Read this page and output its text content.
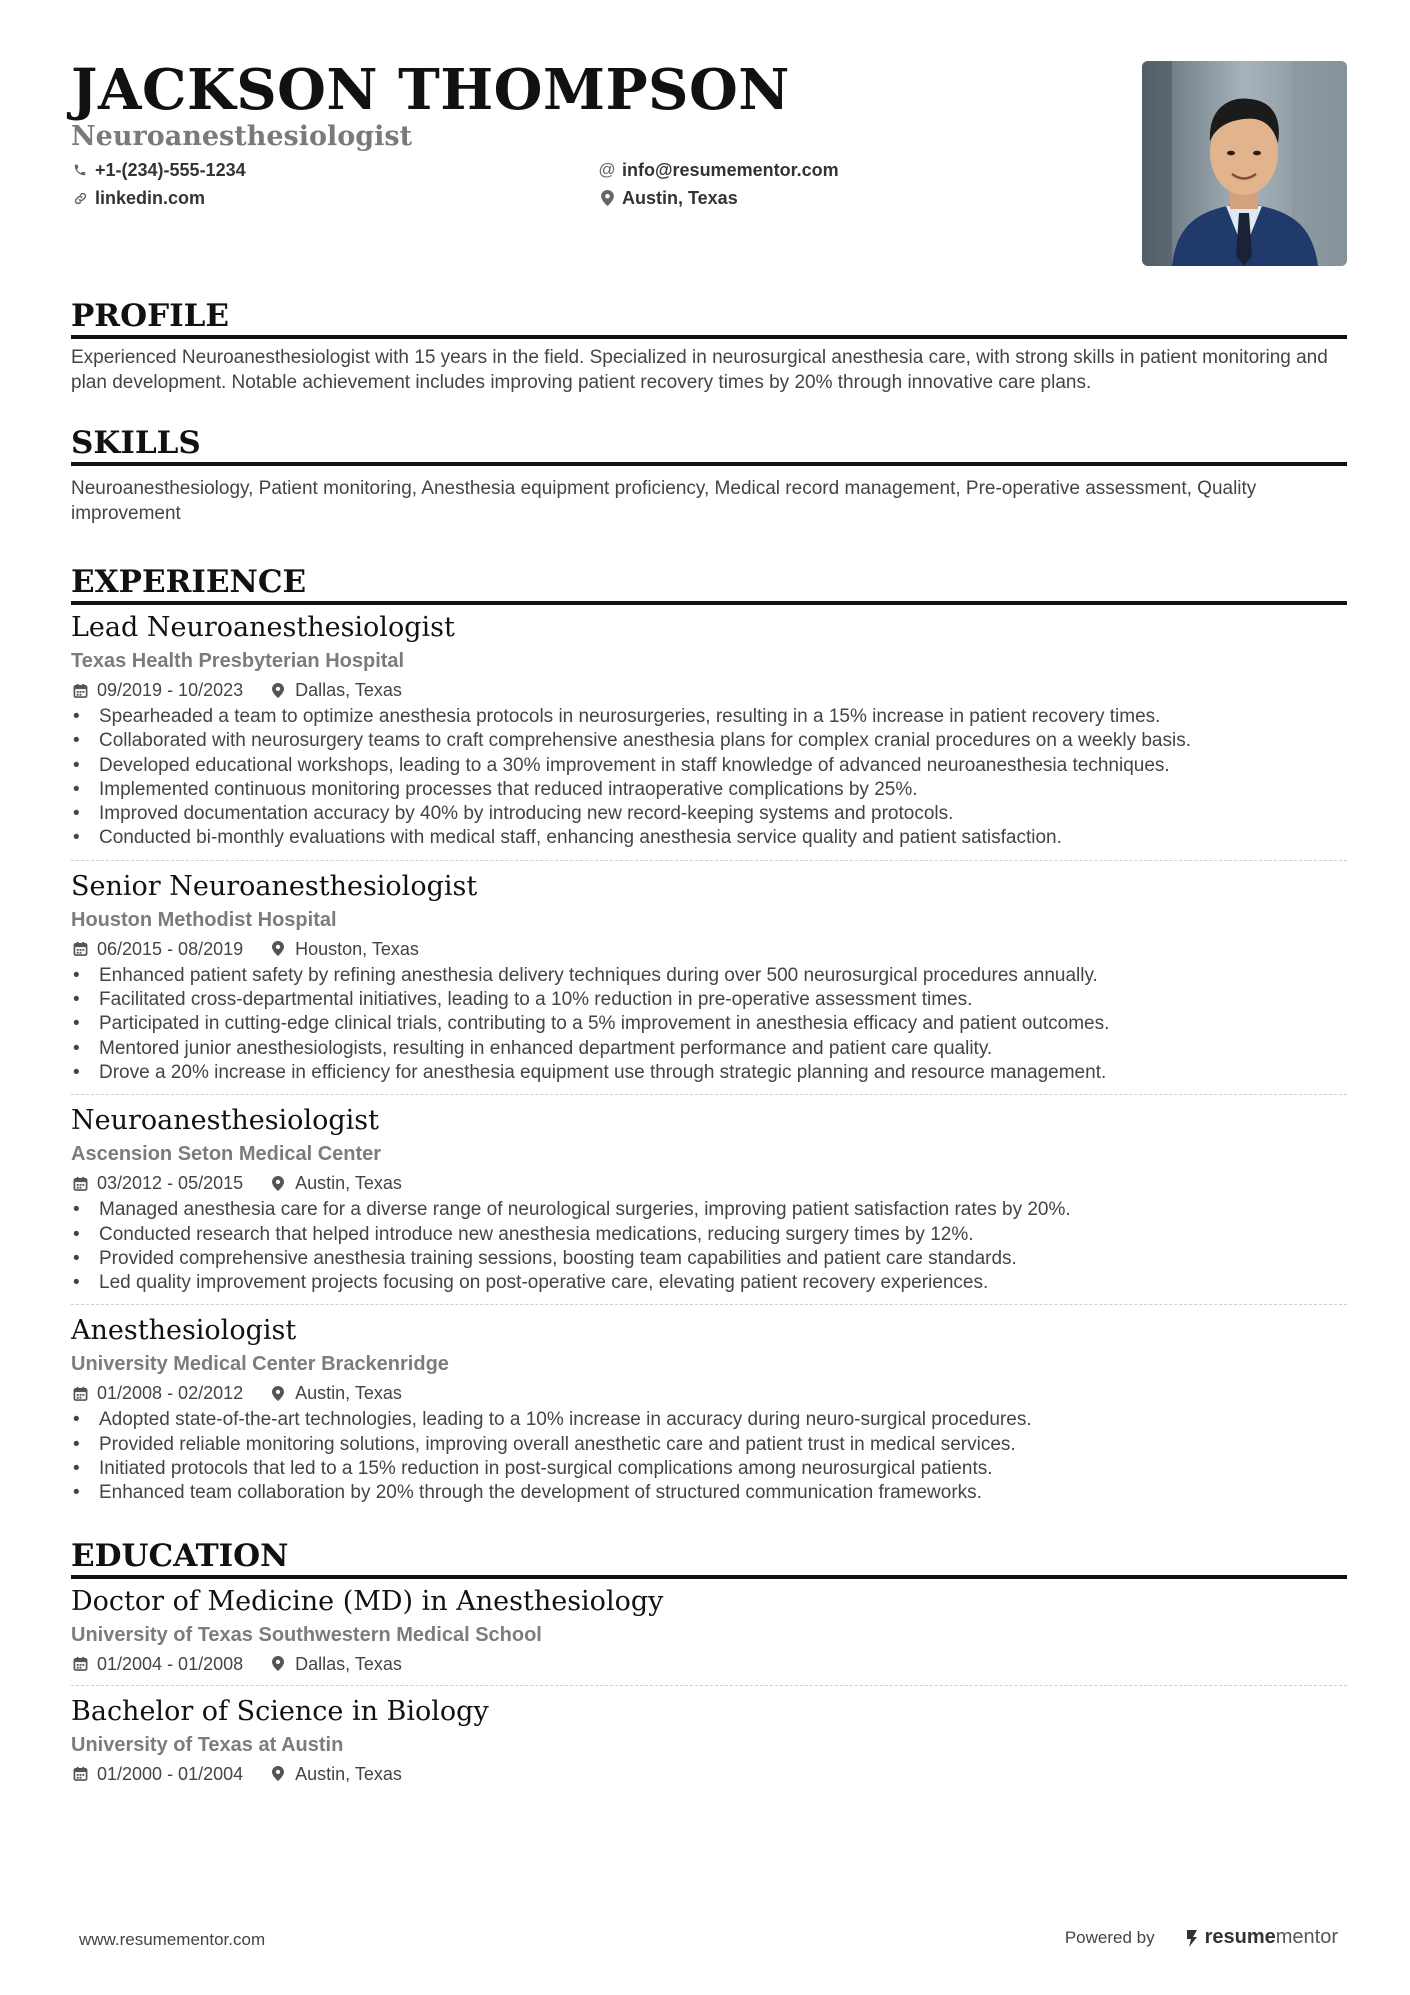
JACKSON THOMPSON
Neuroanesthesiologist
+1-(234)-555-1234	@ info@resumementor.com
linkedin.com	Austin, Texas
PROFILE
Experienced Neuroanesthesiologist with 15 years in the field. Specialized in neurosurgical anesthesia care, with strong skills in patient monitoring and plan development. Notable achievement includes improving patient recovery times by 20% through innovative care plans.
SKILLS
Neuroanesthesiology, Patient monitoring, Anesthesia equipment proficiency, Medical record management, Pre-operative assessment, Quality improvement
EXPERIENCE
Lead Neuroanesthesiologist
Texas Health Presbyterian Hospital
09/2019 - 10/2023	Dallas, Texas
• Spearheaded a team to optimize anesthesia protocols in neurosurgeries, resulting in a 15% increase in patient recovery times.
• Collaborated with neurosurgery teams to craft comprehensive anesthesia plans for complex cranial procedures on a weekly basis.
• Developed educational workshops, leading to a 30% improvement in staff knowledge of advanced neuroanesthesia techniques.
• Implemented continuous monitoring processes that reduced intraoperative complications by 25%.
• Improved documentation accuracy by 40% by introducing new record-keeping systems and protocols.
• Conducted bi-monthly evaluations with medical staff, enhancing anesthesia service quality and patient satisfaction.
Senior Neuroanesthesiologist
Houston Methodist Hospital
06/2015 - 08/2019	Houston, Texas
• Enhanced patient safety by refining anesthesia delivery techniques during over 500 neurosurgical procedures annually.
• Facilitated cross-departmental initiatives, leading to a 10% reduction in pre-operative assessment times.
• Participated in cutting-edge clinical trials, contributing to a 5% improvement in anesthesia efficacy and patient outcomes.
• Mentored junior anesthesiologists, resulting in enhanced department performance and patient care quality.
• Drove a 20% increase in efficiency for anesthesia equipment use through strategic planning and resource management.
Neuroanesthesiologist
Ascension Seton Medical Center
03/2012 - 05/2015	Austin, Texas
• Managed anesthesia care for a diverse range of neurological surgeries, improving patient satisfaction rates by 20%.
• Conducted research that helped introduce new anesthesia medications, reducing surgery times by 12%.
• Provided comprehensive anesthesia training sessions, boosting team capabilities and patient care standards.
• Led quality improvement projects focusing on post-operative care, elevating patient recovery experiences.
Anesthesiologist
University Medical Center Brackenridge
01/2008 - 02/2012	Austin, Texas
• Adopted state-of-the-art technologies, leading to a 10% increase in accuracy during neuro-surgical procedures.
• Provided reliable monitoring solutions, improving overall anesthetic care and patient trust in medical services.
• Initiated protocols that led to a 15% reduction in post-surgical complications among neurosurgical patients.
• Enhanced team collaboration by 20% through the development of structured communication frameworks.
EDUCATION
Doctor of Medicine (MD) in Anesthesiology
University of Texas Southwestern Medical School
01/2004 - 01/2008	Dallas, Texas
Bachelor of Science in Biology
University of Texas at Austin
01/2000 - 01/2004	Austin, Texas
www.resumementor.com	Powered by	resume mentor
